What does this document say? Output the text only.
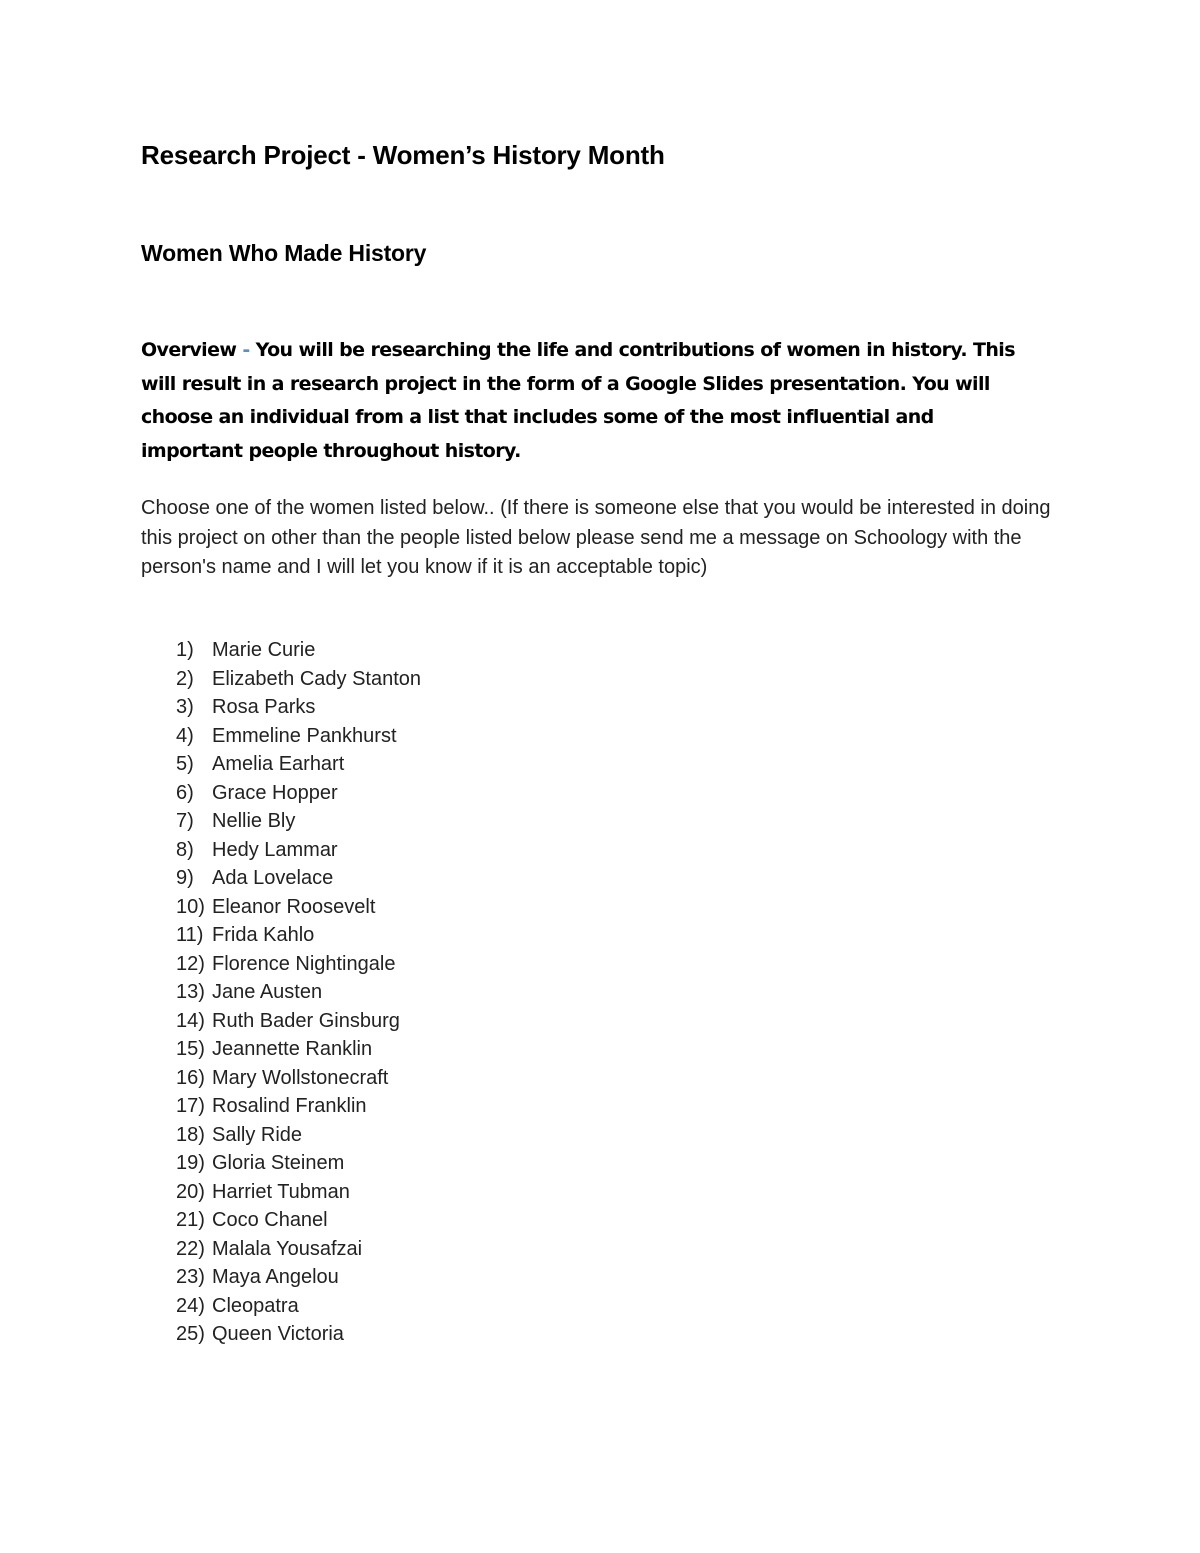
Research Project - Women’s History Month
Women Who Made History

Overview - You will be researching the life and contributions of women in history. This will result in a research project in the form of a Google Slides presentation. You will choose an individual from a list that includes some of the most influential and important people throughout history.

Choose one of the women listed below.. (If there is someone else that you would be interested in doing this project on other than the people listed below please send me a message on Schoology with the person's name and I will let you know if it is an acceptable topic)

1) Marie Curie
2) Elizabeth Cady Stanton
3) Rosa Parks
4) Emmeline Pankhurst
5) Amelia Earhart
6) Grace Hopper
7) Nellie Bly
8) Hedy Lammar
9) Ada Lovelace
10) Eleanor Roosevelt
11) Frida Kahlo
12) Florence Nightingale
13) Jane Austen
14) Ruth Bader Ginsburg
15) Jeannette Ranklin
16) Mary Wollstonecraft
17) Rosalind Franklin
18) Sally Ride
19) Gloria Steinem
20) Harriet Tubman
21) Coco Chanel
22) Malala Yousafzai
23) Maya Angelou
24) Cleopatra
25) Queen Victoria
